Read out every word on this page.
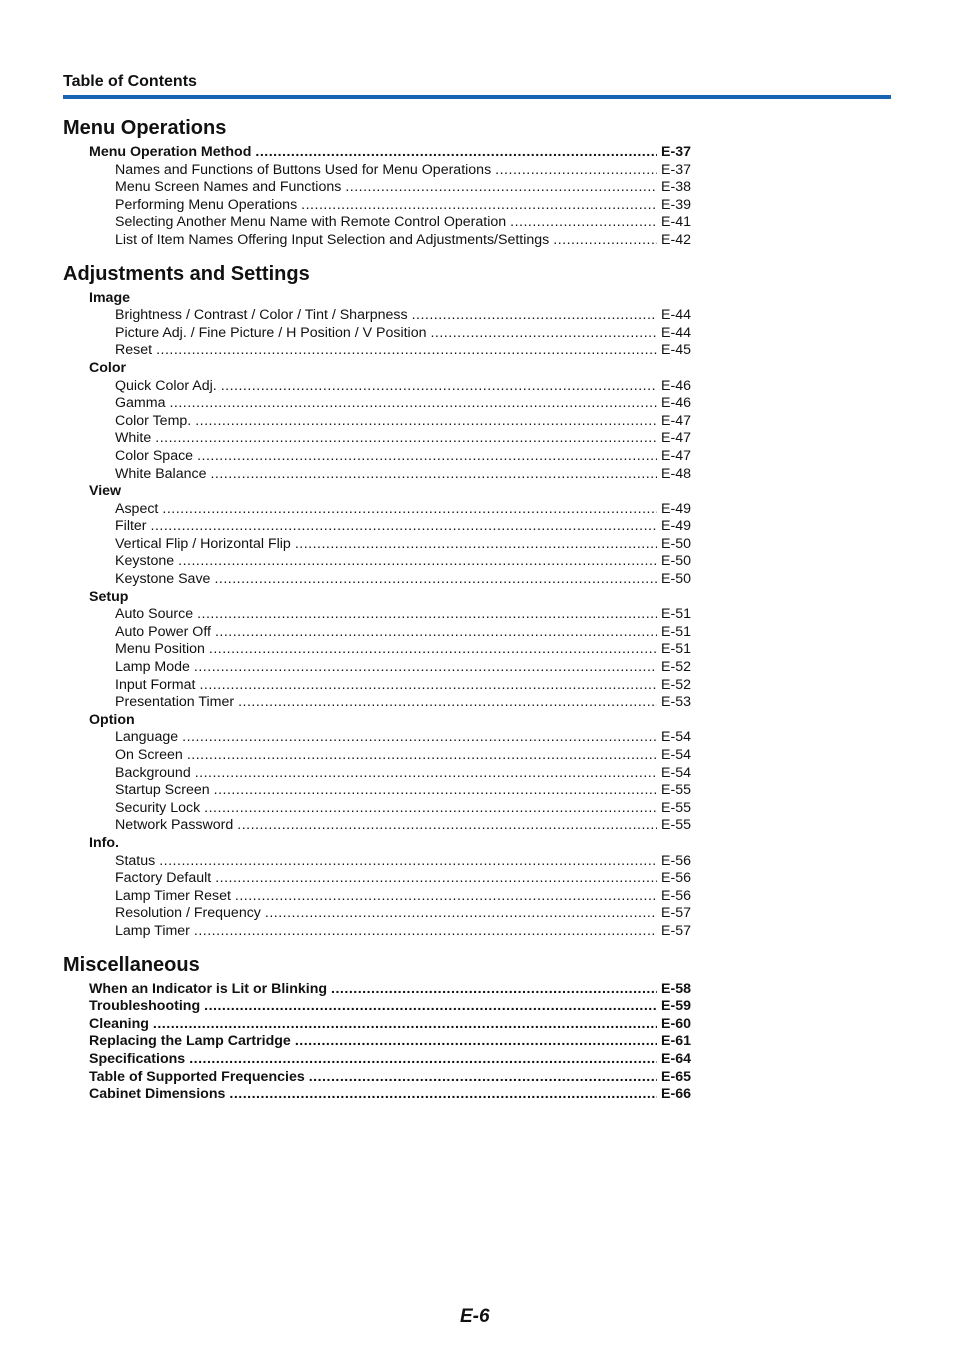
Table of Contents
Menu Operations
Menu Operation Method .....	E-37
Names and Functions of Buttons Used for Menu Operations .....	E-37
Menu Screen Names and Functions .....	E-38
Performing Menu Operations .....	E-39
Selecting Another Menu Name with Remote Control Operation .....	E-41
List of Item Names Offering Input Selection and Adjustments/Settings .....	E-42
Adjustments and Settings
Image
Brightness / Contrast / Color / Tint / Sharpness .....	E-44
Picture Adj. / Fine Picture / H Position / V Position .....	E-44
Reset .....	E-45
Color
Quick Color Adj. .....	E-46
Gamma .....	E-46
Color Temp. .....	E-47
White .....	E-47
Color Space .....	E-47
White Balance .....	E-48
View
Aspect .....	E-49
Filter .....	E-49
Vertical Flip / Horizontal Flip .....	E-50
Keystone .....	E-50
Keystone Save .....	E-50
Setup
Auto Source .....	E-51
Auto Power Off .....	E-51
Menu Position .....	E-51
Lamp Mode .....	E-52
Input Format .....	E-52
Presentation Timer .....	E-53
Option
Language .....	E-54
On Screen .....	E-54
Background .....	E-54
Startup Screen .....	E-55
Security Lock .....	E-55
Network Password .....	E-55
Info.
Status .....	E-56
Factory Default .....	E-56
Lamp Timer Reset .....	E-56
Resolution / Frequency .....	E-57
Lamp Timer .....	E-57
Miscellaneous
When an Indicator is Lit or Blinking .....	E-58
Troubleshooting .....	E-59
Cleaning .....	E-60
Replacing the Lamp Cartridge .....	E-61
Specifications .....	E-64
Table of Supported Frequencies .....	E-65
Cabinet Dimensions .....	E-66
E-6
